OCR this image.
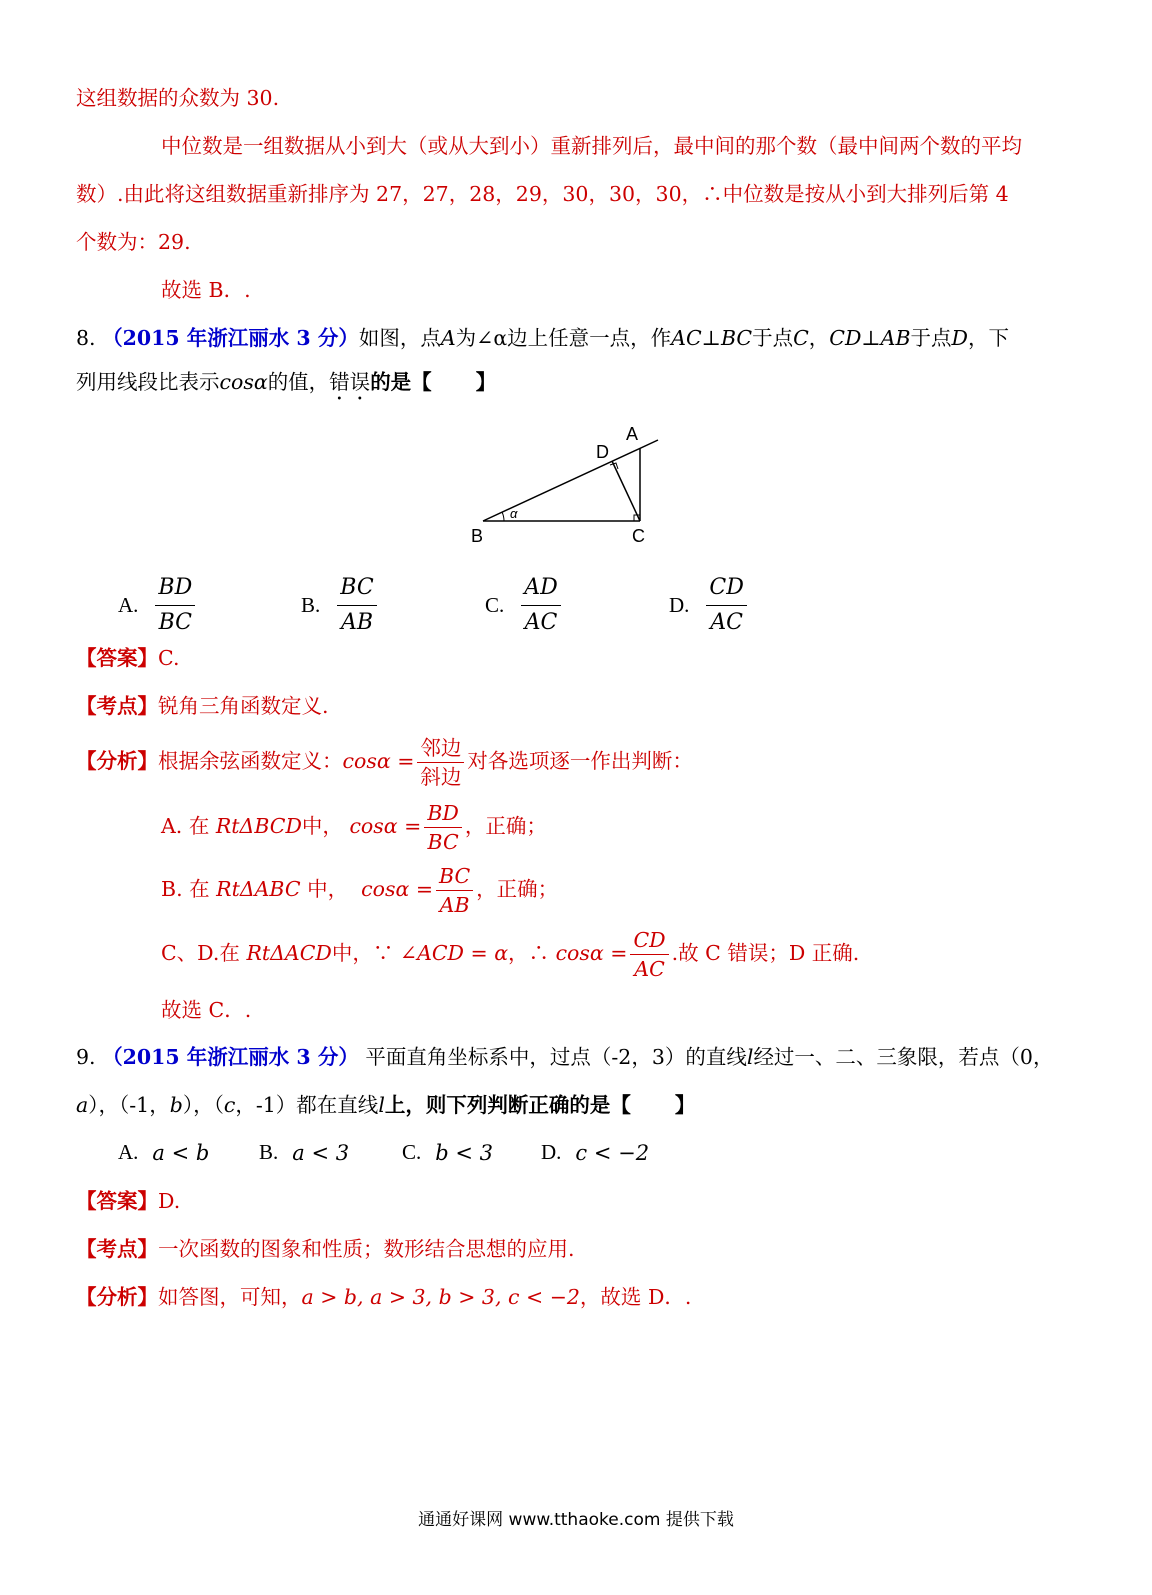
这组数据的众数为 30.
中位数是一组数据从小到大（或从大到小）重新排列后，最中间的那个数（最中间两个数的平均
数）.由此将这组数据重新排序为 27，27，28，29，30，30，30，∴中位数是按从小到大排列后第 4
个数为：29.
故选 B．.
8. （2015 年浙江丽水 3 分）如图，点A为∠α边上任意一点，作AC⊥BC于点C，CD⊥AB于点D，下
列用线段比表示cosα的值，错误的是【 】
α
A
D
B	C
A. $\frac{BD}{BC}$	B. $\frac{BC}{AB}$	C. $\frac{AD}{AC}$	D. $\frac{CD}{AC}$
【答案】C.
【考点】锐角三角函数定义.
【分析】根据余弦函数定义：$\cos\alpha = \frac{\text{邻边}}{\text{斜边}}$ 对各选项逐一作出判断：
A. 在 RtΔBCD中， $\cos\alpha = \frac{BD}{BC}$ ，正确；
B. 在 RtΔABC 中， $\cos\alpha = \frac{BC}{AB}$ ，正确；
C、D.在 RtΔACD中，∵ ∠ACD = α，∴ $\cos\alpha = \frac{CD}{AC}$ .故 C 错误；D 正确.
故选 C．.
9. （2015 年浙江丽水 3 分） 平面直角坐标系中，过点（-2，3）的直线l经过一、二、三象限，若点（0，
a），（-1，b），（c，-1）都在直线l上，则下列判断正确的是【 】
A. a < b B. a < 3	C. b < 3 D. c < −2
【答案】D.
【考点】一次函数的图象和性质；数形结合思想的应用.
【分析】如答图，可知，a > b, a > 3, b > 3, c < −2，故选 D．.
通通好课网 www.tthaoke.com 提供下载
